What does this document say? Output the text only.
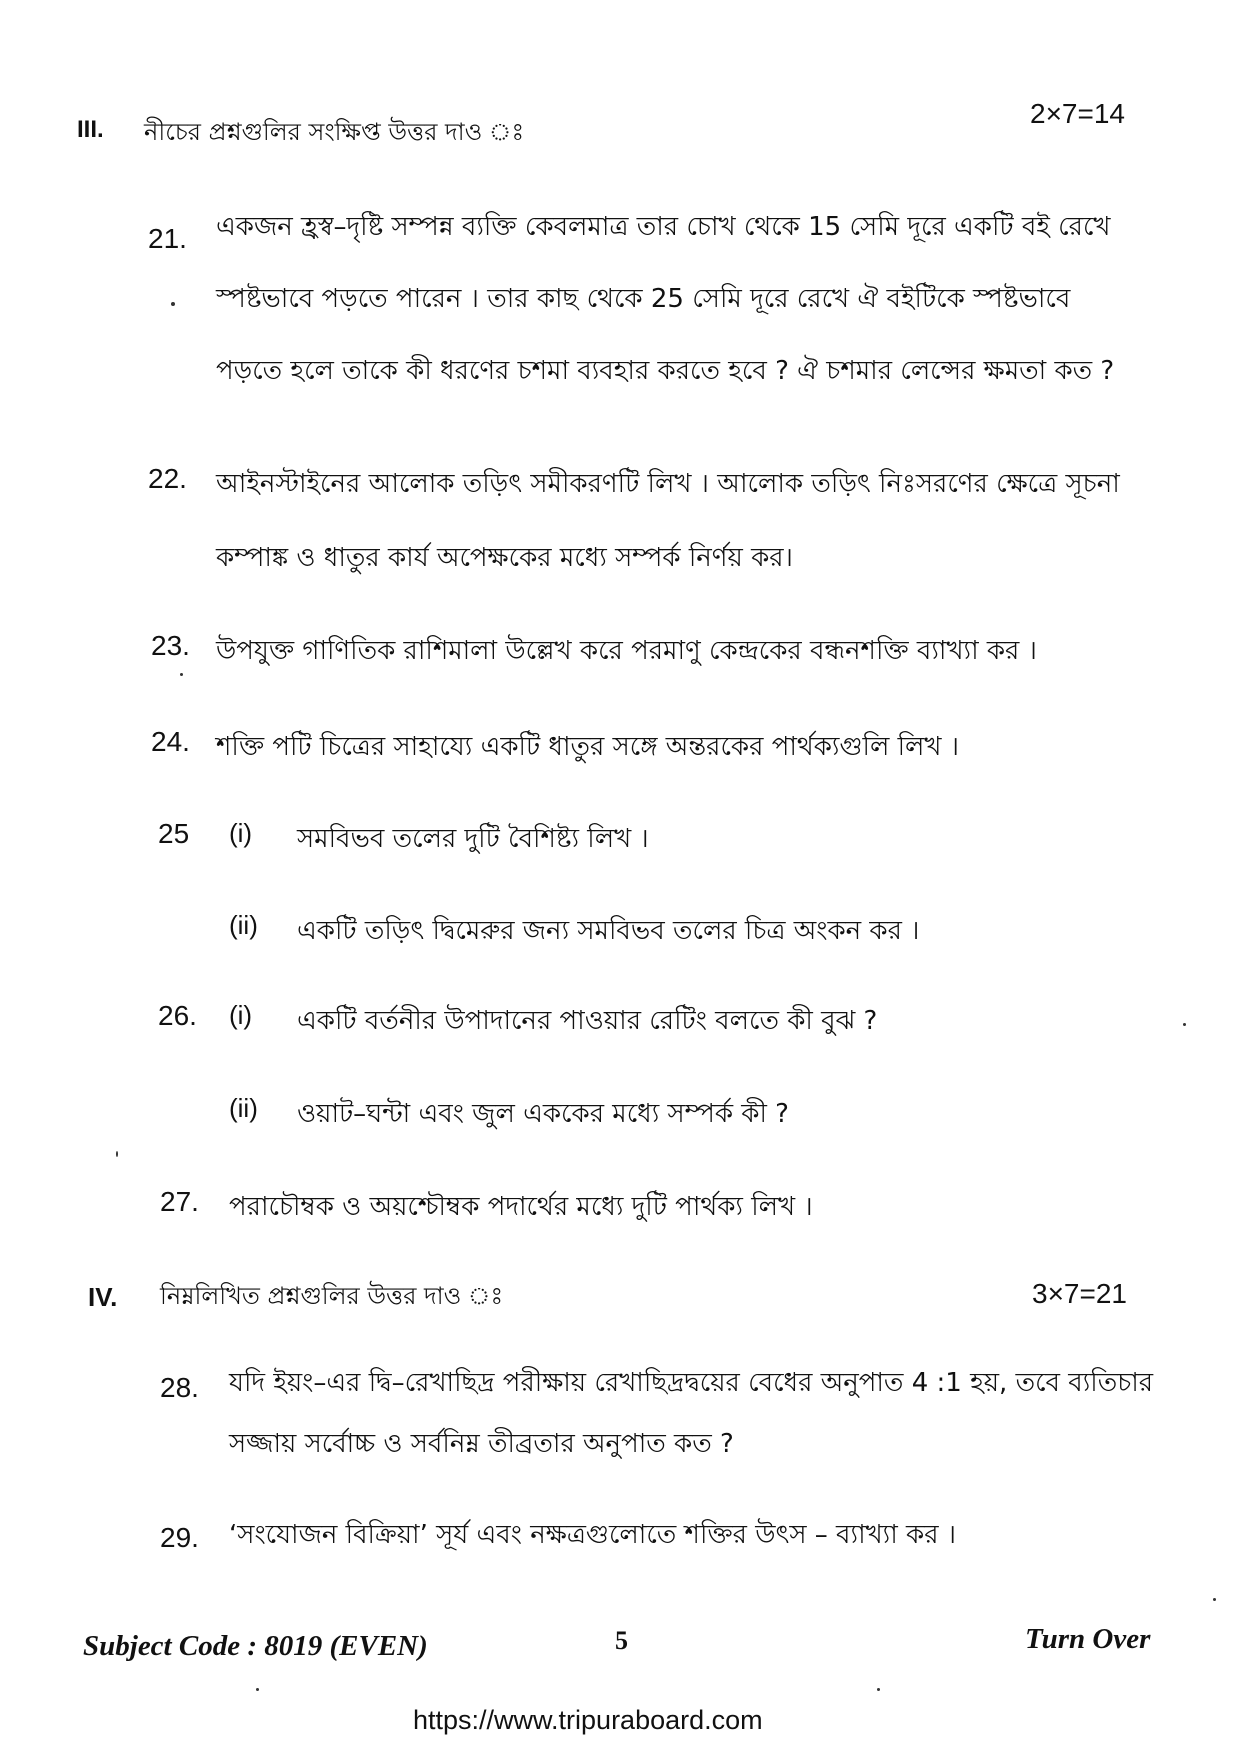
III. নীচের প্রশ্নগুলির সংক্ষিপ্ত উত্তর দাও ঃ
2×7=14
21. একজন হ্রস্ব–দৃষ্টি সম্পন্ন ব্যক্তি কেবলমাত্র তার চোখ থেকে 15 সেমি দূরে একটি বই রেখে
স্পষ্টভাবে পড়তে পারেন । তার কাছ থেকে 25 সেমি দূরে রেখে ঐ বইটিকে স্পষ্টভাবে
পড়তে হলে তাকে কী ধরণের চশমা ব্যবহার করতে হবে ? ঐ চশমার লেন্সের ক্ষমতা কত ?
22. আইনস্টাইনের আলোক তড়িৎ সমীকরণটি লিখ । আলোক তড়িৎ নিঃসরণের ক্ষেত্রে সূচনা
কম্পাঙ্ক ও ধাতুর কার্য অপেক্ষকের মধ্যে সম্পর্ক নির্ণয় কর।
23. উপযুক্ত গাণিতিক রাশিমালা উল্লেখ করে পরমাণু কেন্দ্রকের বন্ধনশক্তি ব্যাখ্যা কর ।
24. শক্তি পটি চিত্রের সাহায্যে একটি ধাতুর সঙ্গে অন্তরকের পার্থক্যগুলি লিখ ।
25 (i) সমবিভব তলের দুটি বৈশিষ্ট্য লিখ ।
(ii) একটি তড়িৎ দ্বিমেরুর জন্য সমবিভব তলের চিত্র অংকন কর ।
26. (i) একটি বর্তনীর উপাদানের পাওয়ার রেটিং বলতে কী বুঝ ?
(ii) ওয়াট–ঘন্টা এবং জুল এককের মধ্যে সম্পর্ক কী ?
27. পরাচৌম্বক ও অয়শ্চৌম্বক পদার্থের মধ্যে দুটি পার্থক্য লিখ ।
IV. নিম্নলিখিত প্রশ্নগুলির উত্তর দাও ঃ	3×7=21
28. যদি ইয়ং–এর দ্বি–রেখাছিদ্র পরীক্ষায় রেখাছিদ্রদ্বয়ের বেধের অনুপাত 4 :1 হয়, তবে ব্যতিচার
সজ্জায় সর্বোচ্চ ও সর্বনিম্ন তীব্রতার অনুপাত কত ?
29. ‘সংযোজন বিক্রিয়া’ সূর্য এবং নক্ষত্রগুলোতে শক্তির উৎস – ব্যাখ্যা কর ।
Subject Code : 8019 (EVEN)	5	Turn Over
https://www.tripuraboard.com
